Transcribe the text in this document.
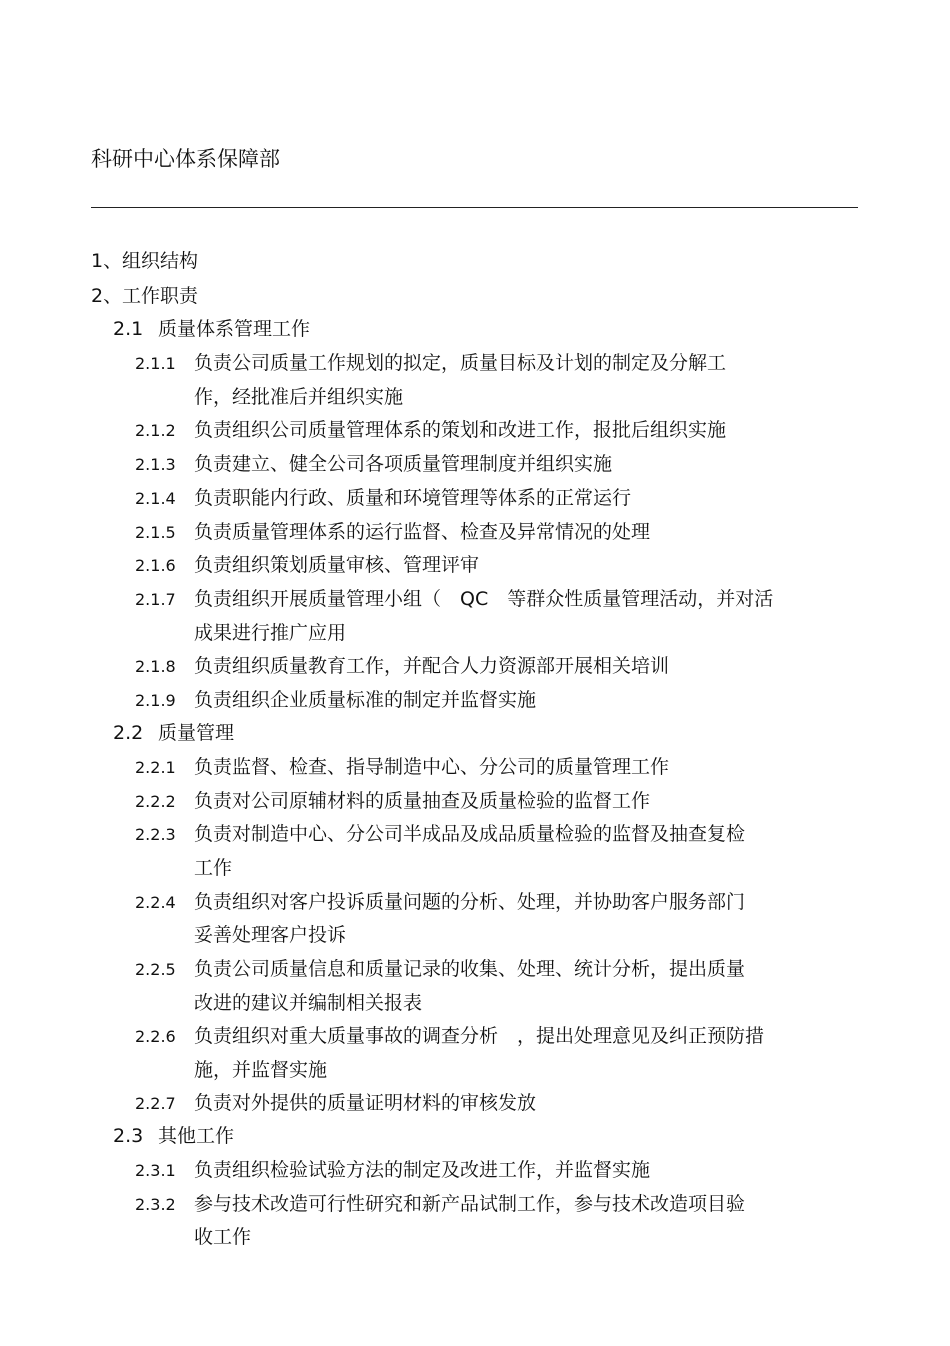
科研中心体系保障部
1、 组织结构
2、 工作职责
2.1 质量体系管理工作
2.1.1 负责公司质量工作规划的拟定，质量目标及计划的制定及分解工
作，经批准后并组织实施
2.1.2 负责组织公司质量管理体系的策划和改进工作，报批后组织实施
2.1.3 负责建立、健全公司各项质量管理制度并组织实施
2.1.4 负责职能内行政、质量和环境管理等体系的正常运行
2.1.5 负责质量管理体系的运行监督、检查及异常情况的处理
2.1.6 负责组织策划质量审核、管理评审
2.1.7 负责组织开展质量管理小组（　QC　等群众性质量管理活动，并对活
成果进行推广应用
2.1.8 负责组织质量教育工作，并配合人力资源部开展相关培训
2.1.9 负责组织企业质量标准的制定并监督实施
2.2 质量管理
2.2.1 负责监督、检查、指导制造中心、分公司的质量管理工作
2.2.2 负责对公司原辅材料的质量抽查及质量检验的监督工作
2.2.3 负责对制造中心、分公司半成品及成品质量检验的监督及抽查复检
工作
2.2.4 负责组织对客户投诉质量问题的分析、处理，并协助客户服务部门
妥善处理客户投诉
2.2.5 负责公司质量信息和质量记录的收集、处理、统计分析，提出质量
改进的建议并编制相关报表
2.2.6 负责组织对重大质量事故的调查分析　，提出处理意见及纠正预防措
施，并监督实施
2.2.7 负责对外提供的质量证明材料的审核发放
2.3 其他工作
2.3.1 负责组织检验试验方法的制定及改进工作，并监督实施
2.3.2 参与技术改造可行性研究和新产品试制工作，参与技术改造项目验
收工作
